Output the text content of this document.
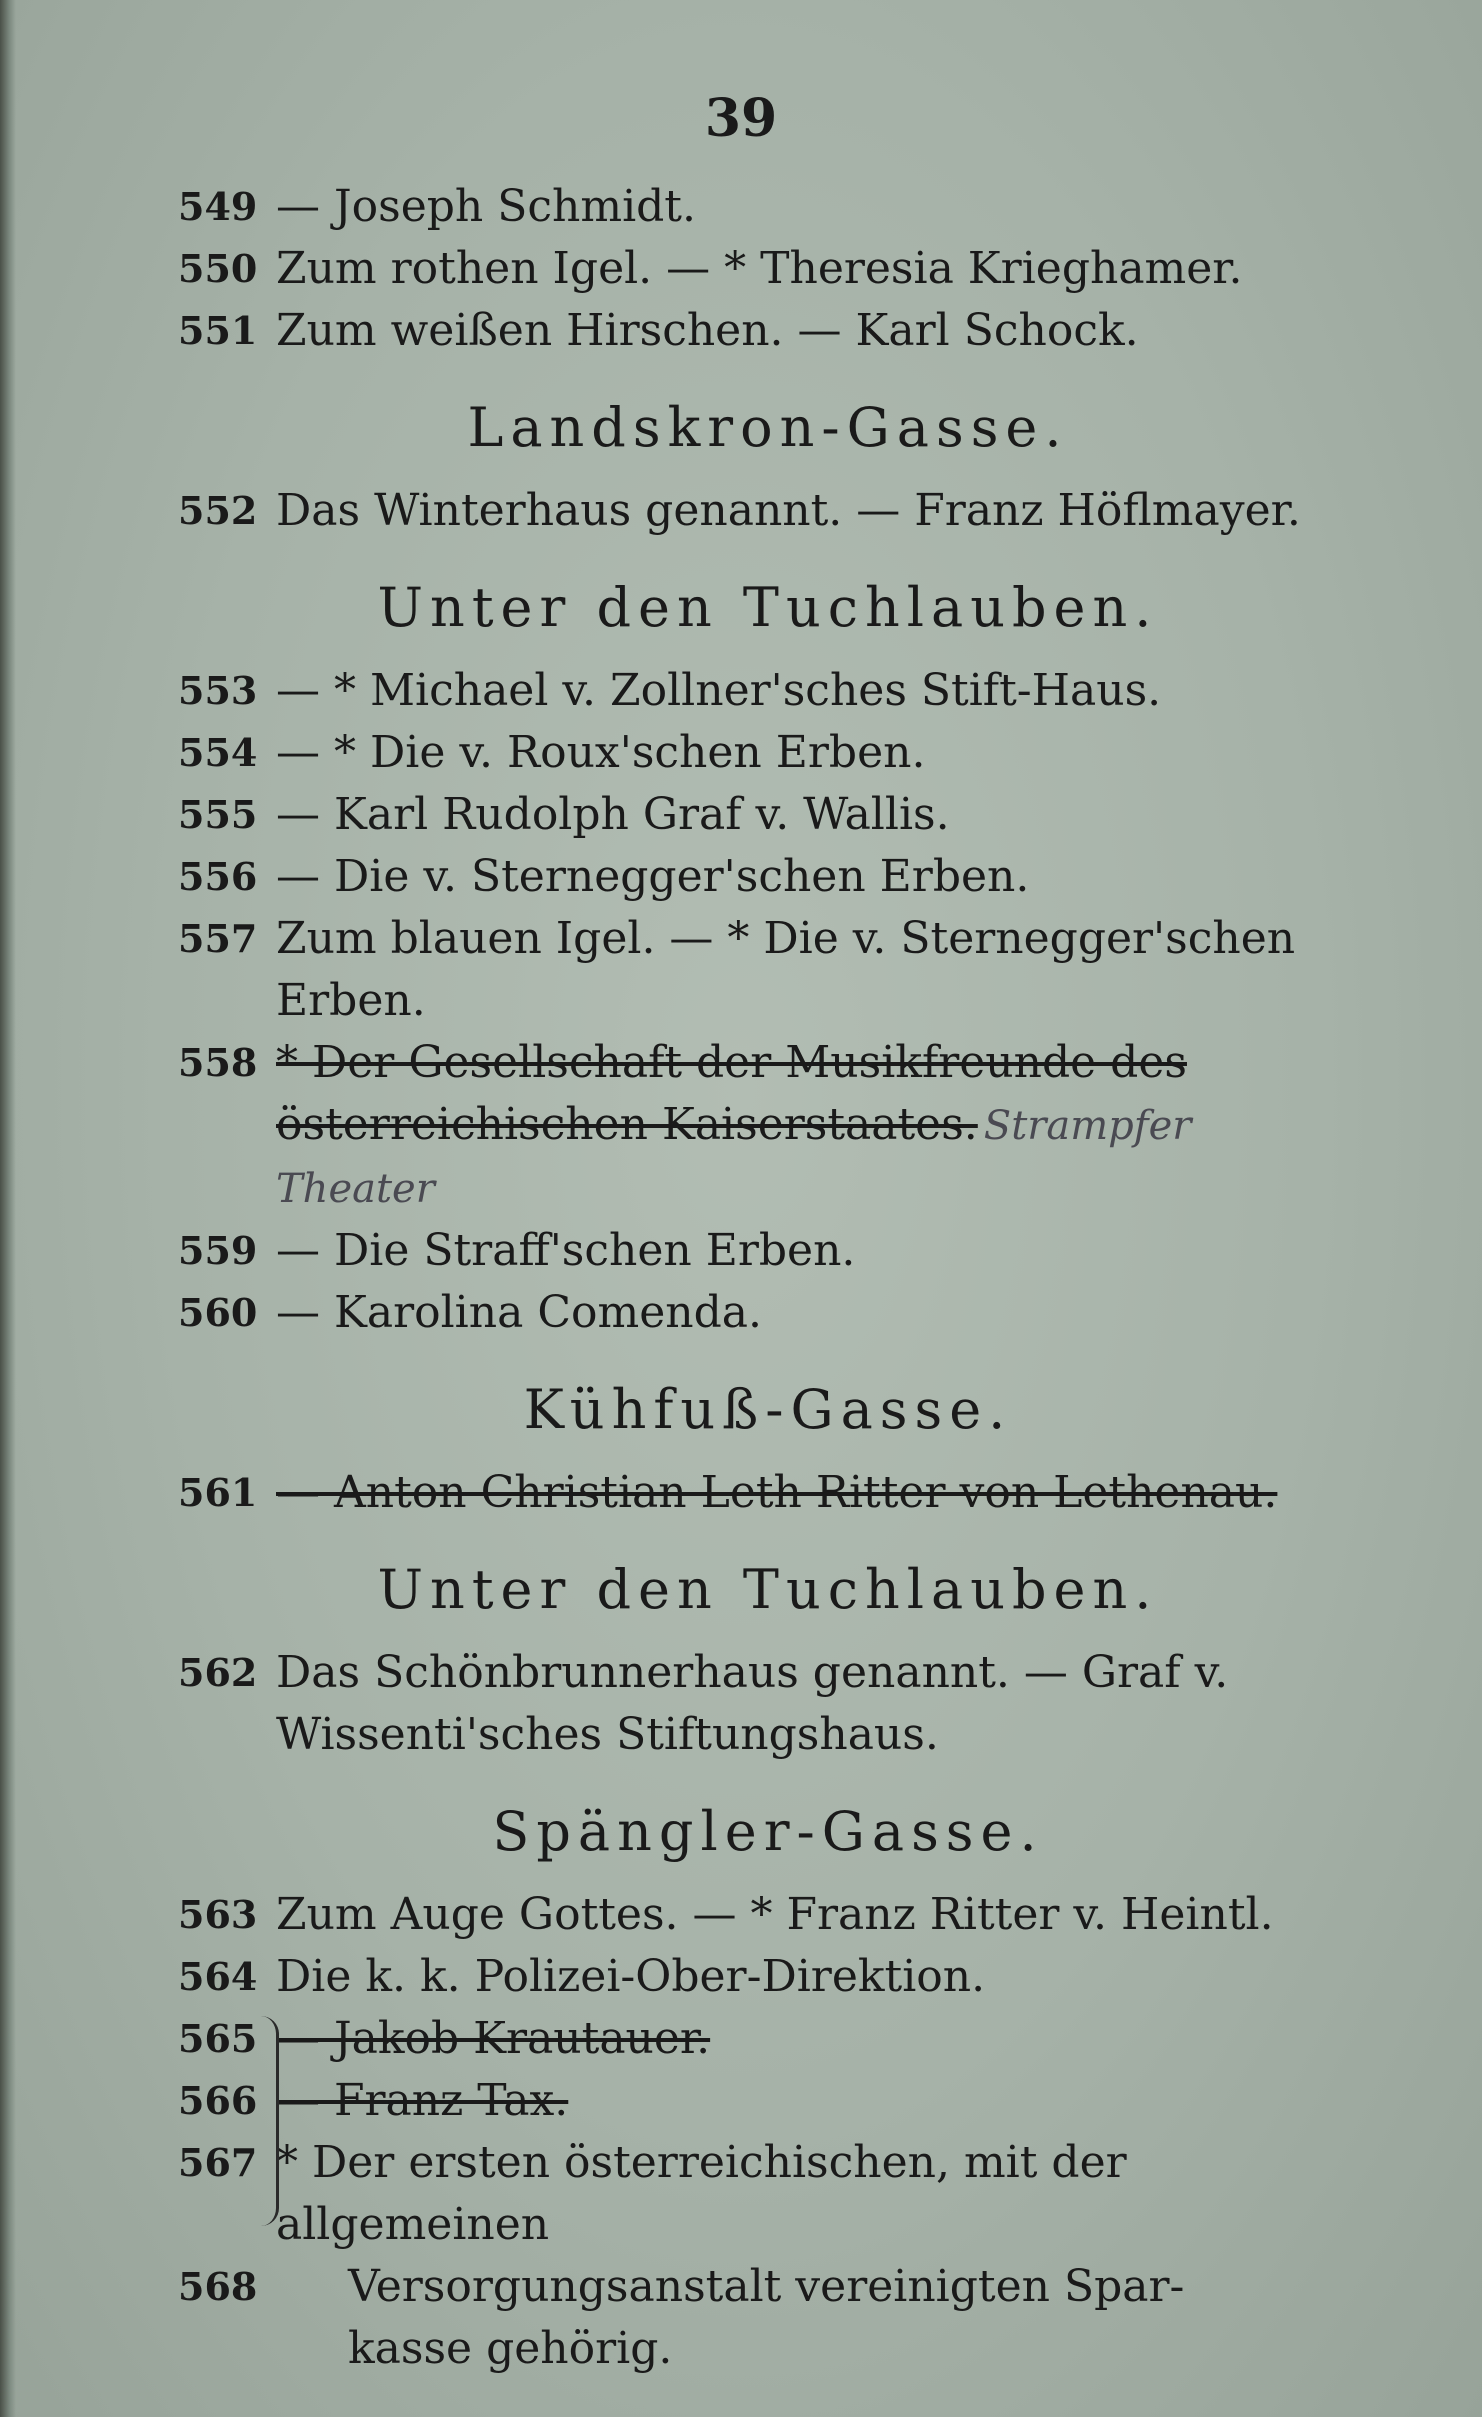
39
549 — Joseph Schmidt.
550 Zum rothen Igel. — * Theresia Krieghamer.
551 Zum weißen Hirschen. — Karl Schock.
Landskron-Gasse.
552 Das Winterhaus genannt. — Franz Höflmayer.
Unter den Tuchlauben.
553 — * Michael v. Zollner'sches Stift-Haus.
554 — * Die v. Roux'schen Erben.
555 — Karl Rudolph Graf v. Wallis.
556 — Die v. Sternegger'schen Erben.
557 Zum blauen Igel. — * Die v. Sternegger'schen Erben.
558 * Der Gesellschaft der Musikfreunde des österreichischen Kaiserstaates. Strampfer Theater
559 — Die Straff'schen Erben.
560 — Karolina Comenda.
Kühfuß-Gasse.
561 — Anton Christian Leth Ritter von Lethenau.
Unter den Tuchlauben.
562 Das Schönbrunnerhaus genannt. — Graf v. Wissenti'sches Stiftungshaus.
Spängler-Gasse.
563 Zum Auge Gottes. — * Franz Ritter v. Heintl.
564 Die k. k. Polizei-Ober-Direktion.
565 — Jakob Krautauer.
566 — Franz Tax.
567 * Der ersten österreichischen, mit der allgemeinen
568	Versorgungsanstalt vereinigten Spar-
kasse gehörig.
